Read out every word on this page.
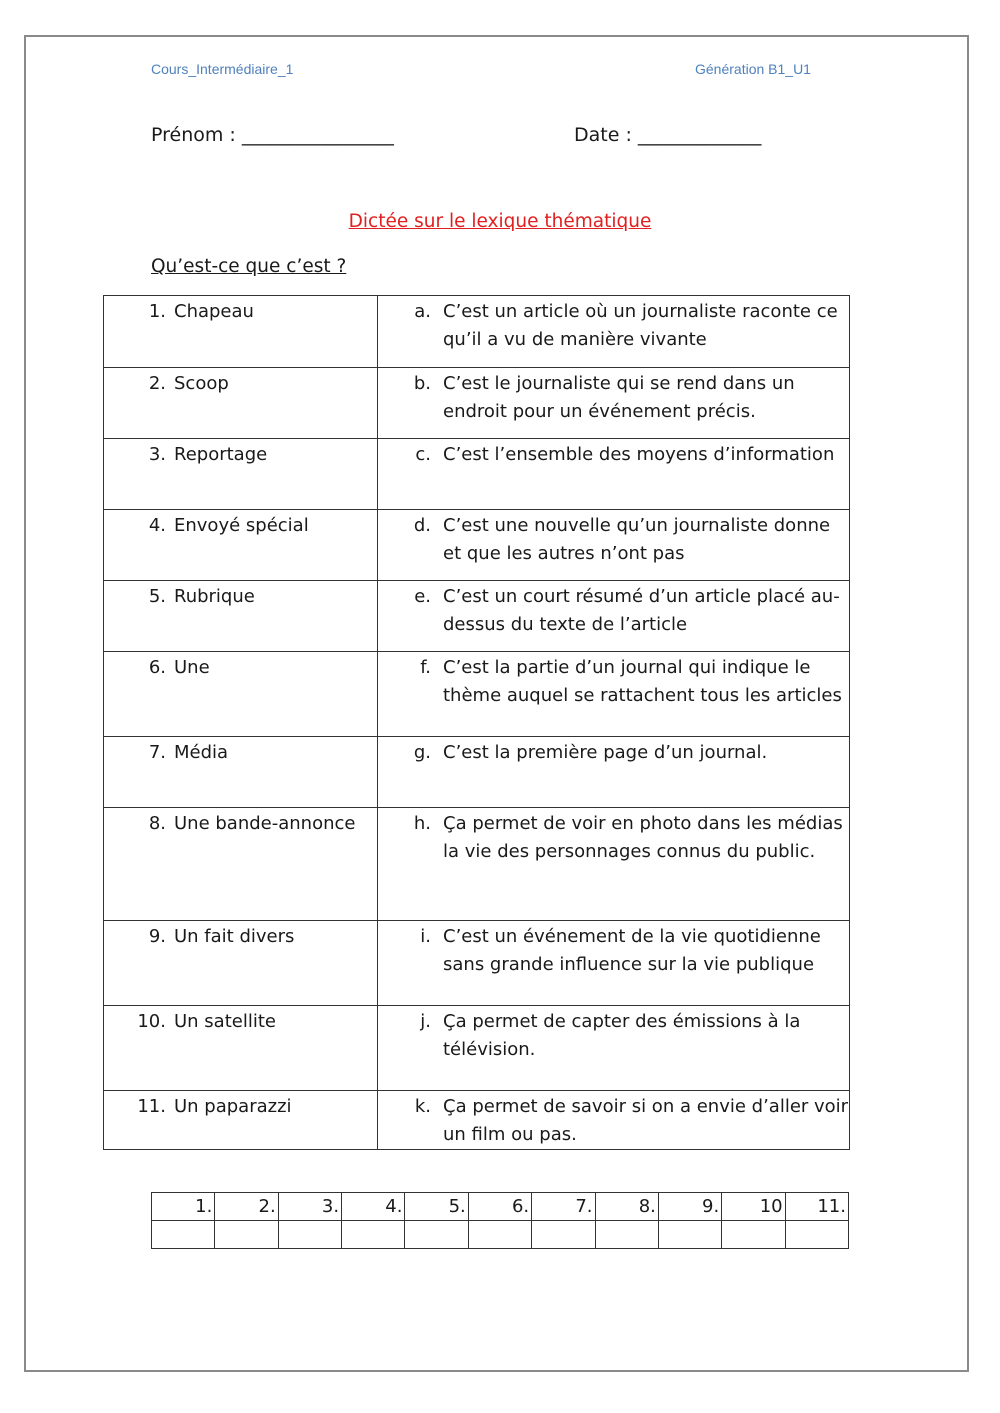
Cours_Intermédiaire_1	Génération B1_U1
Prénom : ________________	Date : _____________
Dictée sur le lexique thématique
Qu’est-ce que c’est ?
1. Chapeau	a. C’est un article où un journaliste raconte ce qu’il a vu de manière vivante

2. Scoop	b. C’est le journaliste qui se rend dans un endroit pour un événement précis.

3. Reportage	c. C’est l’ensemble des moyens d’information

4. Envoyé spécial	d. C’est une nouvelle qu’un journaliste donne et que les autres n’ont pas

5. Rubrique	e. C’est un court résumé d’un article placé au-dessus du texte de l’article

6. Une	f. C’est la partie d’un journal qui indique le thème auquel se rattachent tous les articles

7. Média	g. C’est la première page d’un journal.

8. Une bande-annonce	h. Ça permet de voir en photo dans les médias la vie des personnages connus du public.

9. Un fait divers	i. C’est un événement de la vie quotidienne sans grande influence sur la vie publique

10. Un satellite	j. Ça permet de capter des émissions à la télévision.

11. Un paparazzi	k. Ça permet de savoir si on a envie d’aller voir un film ou pas.
1.	2.	3.	4.	5.	6.	7.	8.	9.	10	11.
